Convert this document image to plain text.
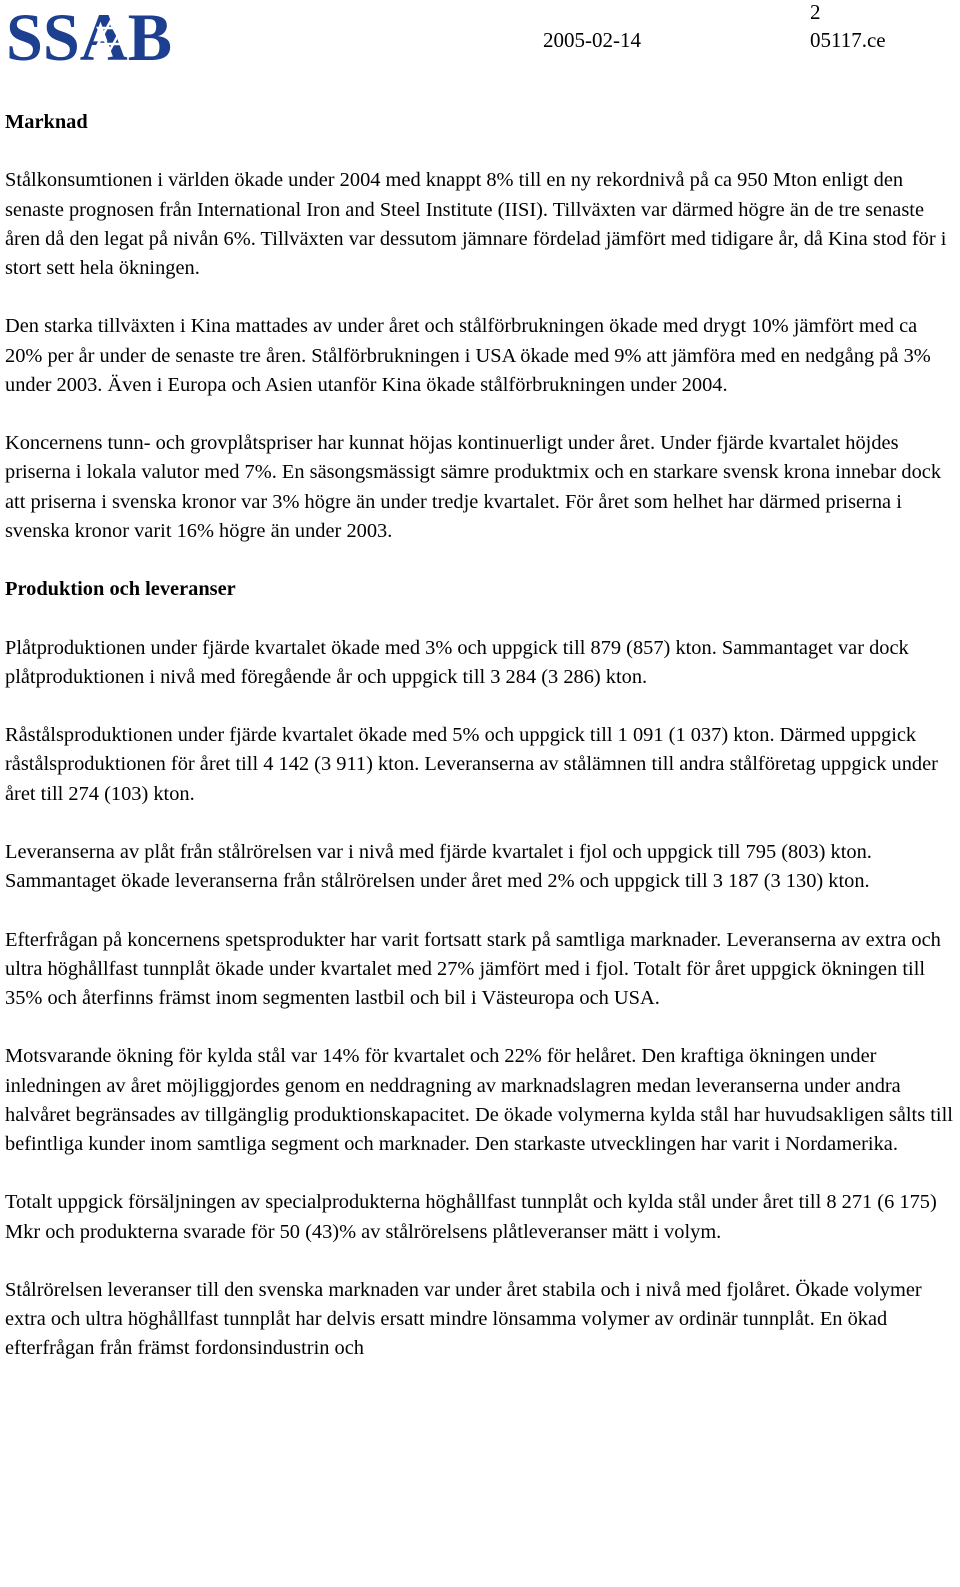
SSAB	2005-02-14
2
05117.ce
Marknad

Stålkonsumtionen i världen ökade under 2004 med knappt 8% till en ny rekordnivå på ca 950 Mton enligt den senaste prognosen från International Iron and Steel Institute (IISI). Tillväxten var därmed högre än de tre senaste åren då den legat på nivån 6%. Tillväxten var dessutom jämnare fördelad jämfört med tidigare år, då Kina stod för i stort sett hela ökningen.

Den starka tillväxten i Kina mattades av under året och stålförbrukningen ökade med drygt 10% jämfört med ca 20% per år under de senaste tre åren. Stålförbrukningen i USA ökade med 9% att jämföra med en nedgång på 3% under 2003. Även i Europa och Asien utanför Kina ökade stålförbrukningen under 2004.

Koncernens tunn- och grovplåtspriser har kunnat höjas kontinuerligt under året. Under fjärde kvartalet höjdes priserna i lokala valutor med 7%. En säsongsmässigt sämre produktmix och en starkare svensk krona innebar dock att priserna i svenska kronor var 3% högre än under tredje kvartalet. För året som helhet har därmed priserna i svenska kronor varit 16% högre än under 2003.

Produktion och leveranser

Plåtproduktionen under fjärde kvartalet ökade med 3% och uppgick till 879 (857) kton. Sammantaget var dock plåtproduktionen i nivå med föregående år och uppgick till 3 284 (3 286) kton.

Råstålsproduktionen under fjärde kvartalet ökade med 5% och uppgick till 1 091 (1 037) kton. Därmed uppgick råstålsproduktionen för året till 4 142 (3 911) kton. Leveranserna av stålämnen till andra stålföretag uppgick under året till 274 (103) kton.

Leveranserna av plåt från stålrörelsen var i nivå med fjärde kvartalet i fjol och uppgick till 795 (803) kton. Sammantaget ökade leveranserna från stålrörelsen under året med 2% och uppgick till 3 187 (3 130) kton.

Efterfrågan på koncernens spetsprodukter har varit fortsatt stark på samtliga marknader. Leveranserna av extra och ultra höghållfast tunnplåt ökade under kvartalet med 27% jämfört med i fjol. Totalt för året uppgick ökningen till 35% och återfinns främst inom segmenten lastbil och bil i Västeuropa och USA.

Motsvarande ökning för kylda stål var 14% för kvartalet och 22% för helåret. Den kraftiga ökningen under inledningen av året möjliggjordes genom en neddragning av marknadslagren medan leveranserna under andra halvåret begränsades av tillgänglig produktionskapacitet. De ökade volymerna kylda stål har huvudsakligen sålts till befintliga kunder inom samtliga segment och marknader. Den starkaste utvecklingen har varit i Nordamerika.

Totalt uppgick försäljningen av specialprodukterna höghållfast tunnplåt och kylda stål under året till 8 271 (6 175) Mkr och produkterna svarade för 50 (43)% av stålrörelsens plåtleveranser mätt i volym.

Stålrörelsen leveranser till den svenska marknaden var under året stabila och i nivå med fjolåret. Ökade volymer extra och ultra höghållfast tunnplåt har delvis ersatt mindre lönsamma volymer av ordinär tunnplåt. En ökad efterfrågan från främst fordonsindustrin och
